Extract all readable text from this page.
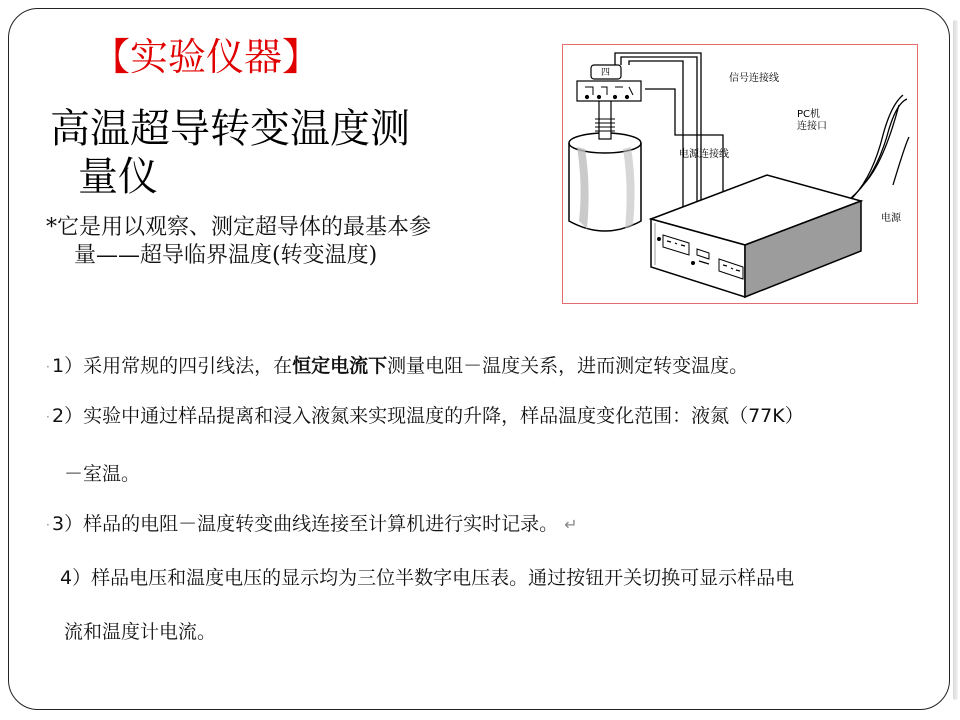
【实验仪器】
高温超导转变温度测
量仪
*它是用以观察、测定超导体的最基本参
量——超导临界温度(转变温度)
信号连接线
PC机
连接口
电源连接线
电源
四
· 1）采用常规的四引线法，在恒定电流下测量电阻－温度关系，进而测定转变温度。
· 2）实验中通过样品提离和浸入液氮来实现温度的升降，样品温度变化范围：液氮（77K）
－室温。
· 3）样品的电阻－温度转变曲线连接至计算机进行实时记录。 ↵
4）样品电压和温度电压的显示均为三位半数字电压表。通过按钮开关切换可显示样品电
流和温度计电流。
